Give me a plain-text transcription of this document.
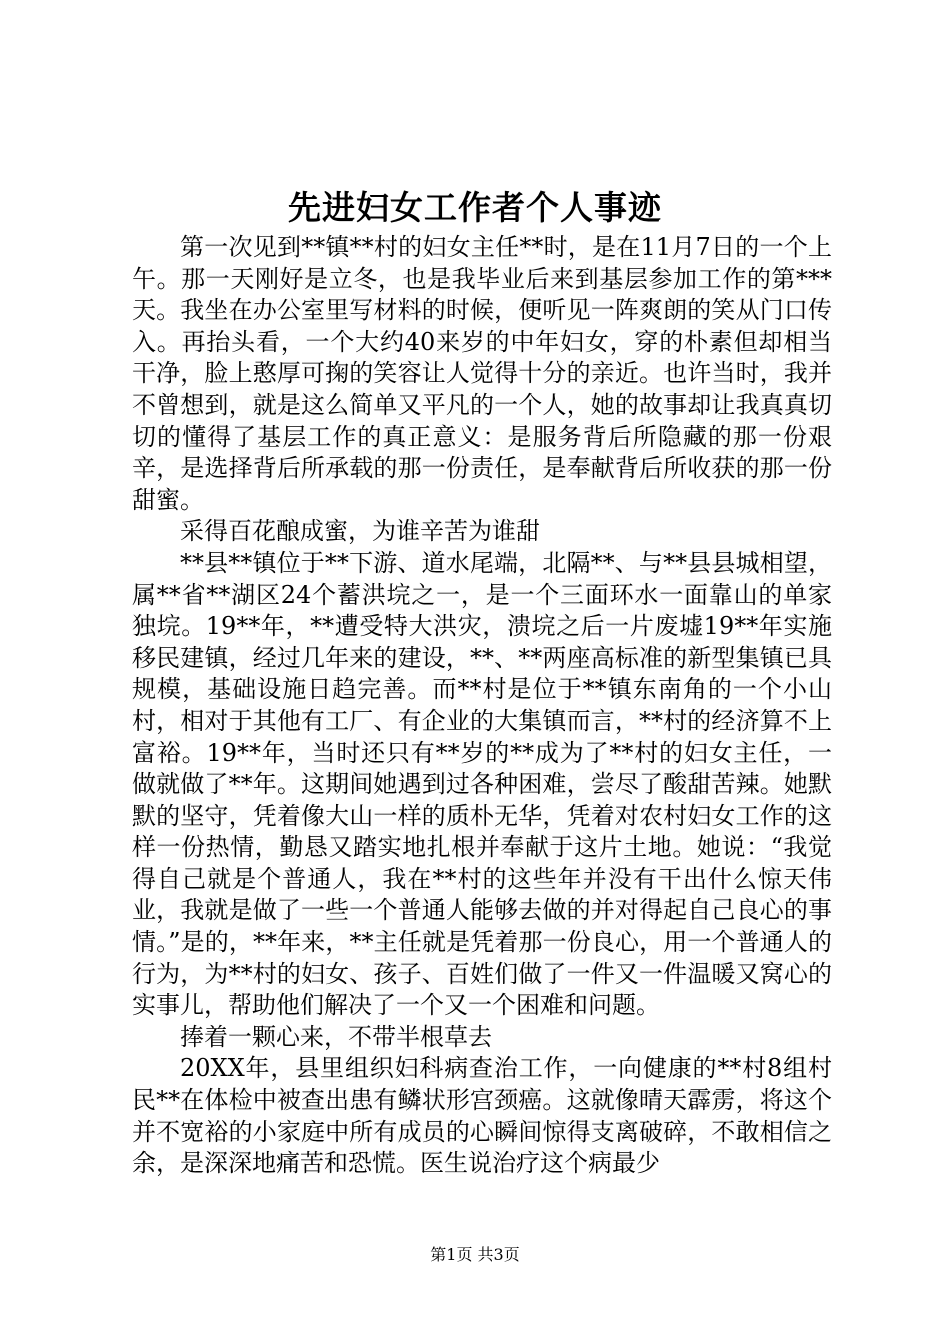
先进妇女工作者个人事迹

第一次见到**镇**村的妇女主任**时，是在11月7日的一个上午。那一天刚好是立冬，也是我毕业后来到基层参加工作的第***天。我坐在办公室里写材料的时候，便听见一阵爽朗的笑从门口传入。再抬头看，一个大约40来岁的中年妇女，穿的朴素但却相当干净，脸上憨厚可掬的笑容让人觉得十分的亲近。也许当时，我并不曾想到，就是这么简单又平凡的一个人，她的故事却让我真真切切的懂得了基层工作的真正意义：是服务背后所隐藏的那一份艰辛，是选择背后所承载的那一份责任，是奉献背后所收获的那一份甜蜜。

采得百花酿成蜜，为谁辛苦为谁甜

**县**镇位于**下游、道水尾端，北隔**、与**县县城相望，属**省**湖区24个蓄洪垸之一，是一个三面环水一面靠山的单家独垸。19**年，**遭受特大洪灾，溃垸之后一片废墟19**年实施移民建镇，经过几年来的建设，**、**两座高标准的新型集镇已具规模，基础设施日趋完善。而**村是位于**镇东南角的一个小山村，相对于其他有工厂、有企业的大集镇而言，**村的经济算不上富裕。19**年，当时还只有**岁的**成为了**村的妇女主任，一做就做了**年。这期间她遇到过各种困难，尝尽了酸甜苦辣。她默默的坚守，凭着像大山一样的质朴无华，凭着对农村妇女工作的这样一份热情，勤恳又踏实地扎根并奉献于这片土地。她说：“我觉得自己就是个普通人，我在**村的这些年并没有干出什么惊天伟业，我就是做了一些一个普通人能够去做的并对得起自己良心的事情。”是的，**年来，**主任就是凭着那一份良心，用一个普通人的行为，为**村的妇女、孩子、百姓们做了一件又一件温暖又窝心的实事儿，帮助他们解决了一个又一个困难和问题。

捧着一颗心来，不带半根草去

20XX年，县里组织妇科病查治工作，一向健康的**村8组村民**在体检中被查出患有鳞状形宫颈癌。这就像晴天霹雳，将这个并不宽裕的小家庭中所有成员的心瞬间惊得支离破碎，不敢相信之余，是深深地痛苦和恐慌。医生说治疗这个病最少

第1页 共3页
